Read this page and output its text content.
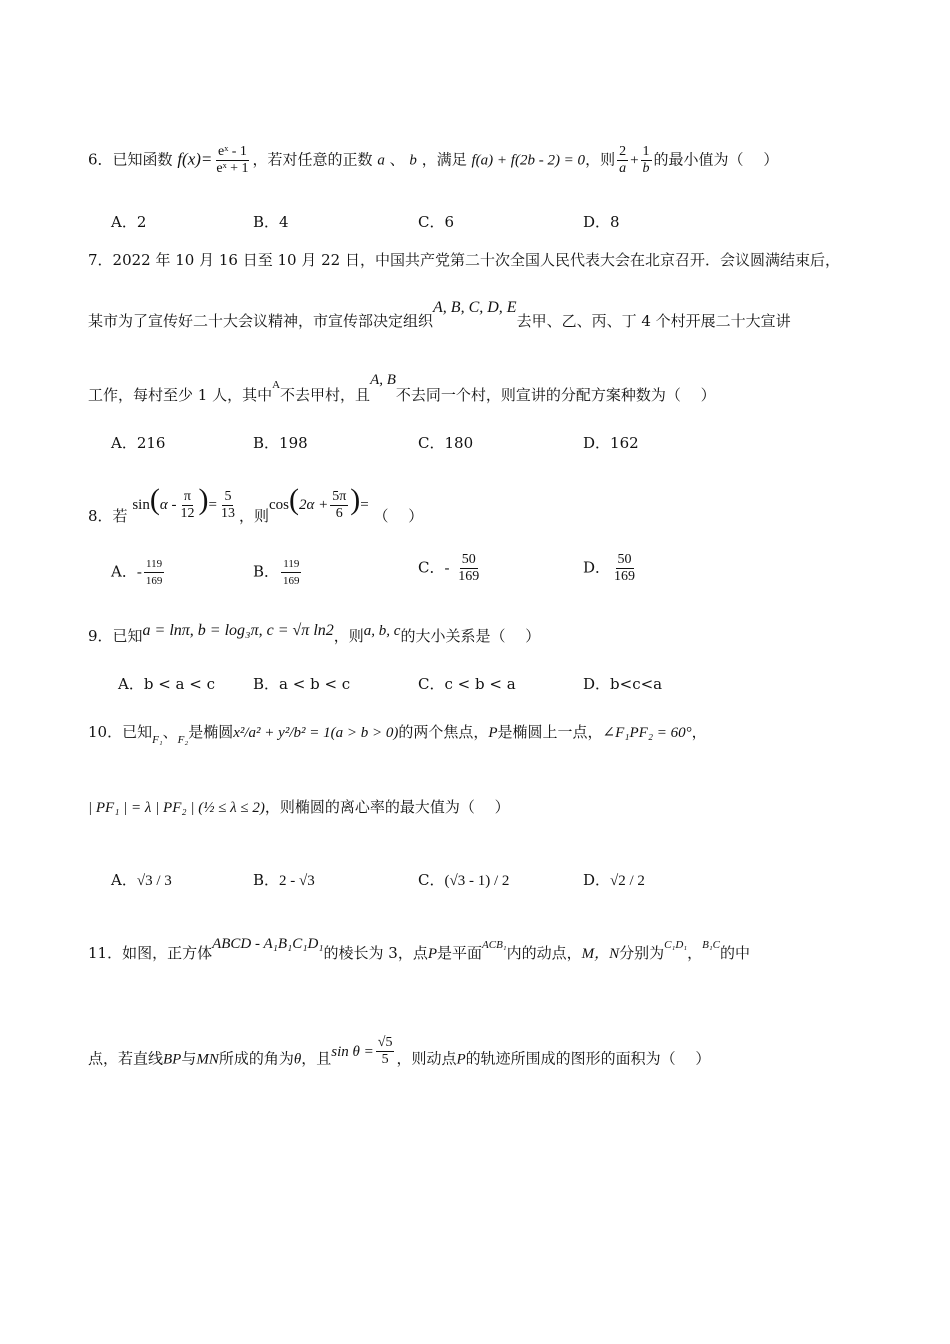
6．已知函数 $f(x)= \frac{\text{eˣ - 1}}{\text{eˣ + 1}}$ ，若对任意的正数 a 、 b ，满足 f(a) + f(2b - 2) = 0，则 $\frac{2}{a} + \frac{1}{b}$ 的最小值为（　 ）
A．2	B．4	C．6	D．8
7．2022 年 10 月 16 日至 10 月 22 日，中国共产党第二十次全国人民代表大会在北京召开．会议圆满结束后，
某市为了宣传好二十大会议精神，市宣传部决定组织A, B, C, D, E去甲、乙、丙、丁 4 个村开展二十大宣讲
工作，每村至少 1 人，其中$^A$不去甲村，且A, B不去同一个村，则宣讲的分配方案种数为（　 ）
A．216	B．198	C．180	D．162
8．若 $\sin(\alpha - \frac{\pi}{12}$ )= $\frac{5}{13}$ ，则$\cos(2\alpha + \frac{5\pi}{6}$ )= （　 ）
A．- $\frac{119}{169}$	B． $\frac{119}{169}$	C．- $\frac{50}{169}$	D． $\frac{50}{169}$
9．已知a = lnπ, b = log₃π, c = √π ln2，则a, b, c的大小关系是（　 ）
A．b < a < c	B．a < b < c	C．c < b < a	D．b<c<a
10．已知$_{F_1}$、$_{F_2}$是椭圆x²/a² + y²/b² = 1(a > b > 0)的两个焦点，P是椭圆上一点，∠F₁PF₂ = 60°，
| PF₁ | = λ | PF₂ | (½ ≤ λ ≤ 2)，则椭圆的离心率的最大值为（　 ）
A．√3 / 3	B．2 - √3	C．(√3 - 1) / 2	D．√2 / 2
11．如图，正方体ABCD - A₁B₁C₁D₁的棱长为 3，点P是平面$^{ACB_1}$内的动点，M，N分别为$^{C_1D_1}$，$^{B_1C}$的中
点，若直线BP与MN所成的角为θ，且$\sin \theta = \frac{√5}{5}$ ，则动点P的轨迹所围成的图形的面积为（　 ）
